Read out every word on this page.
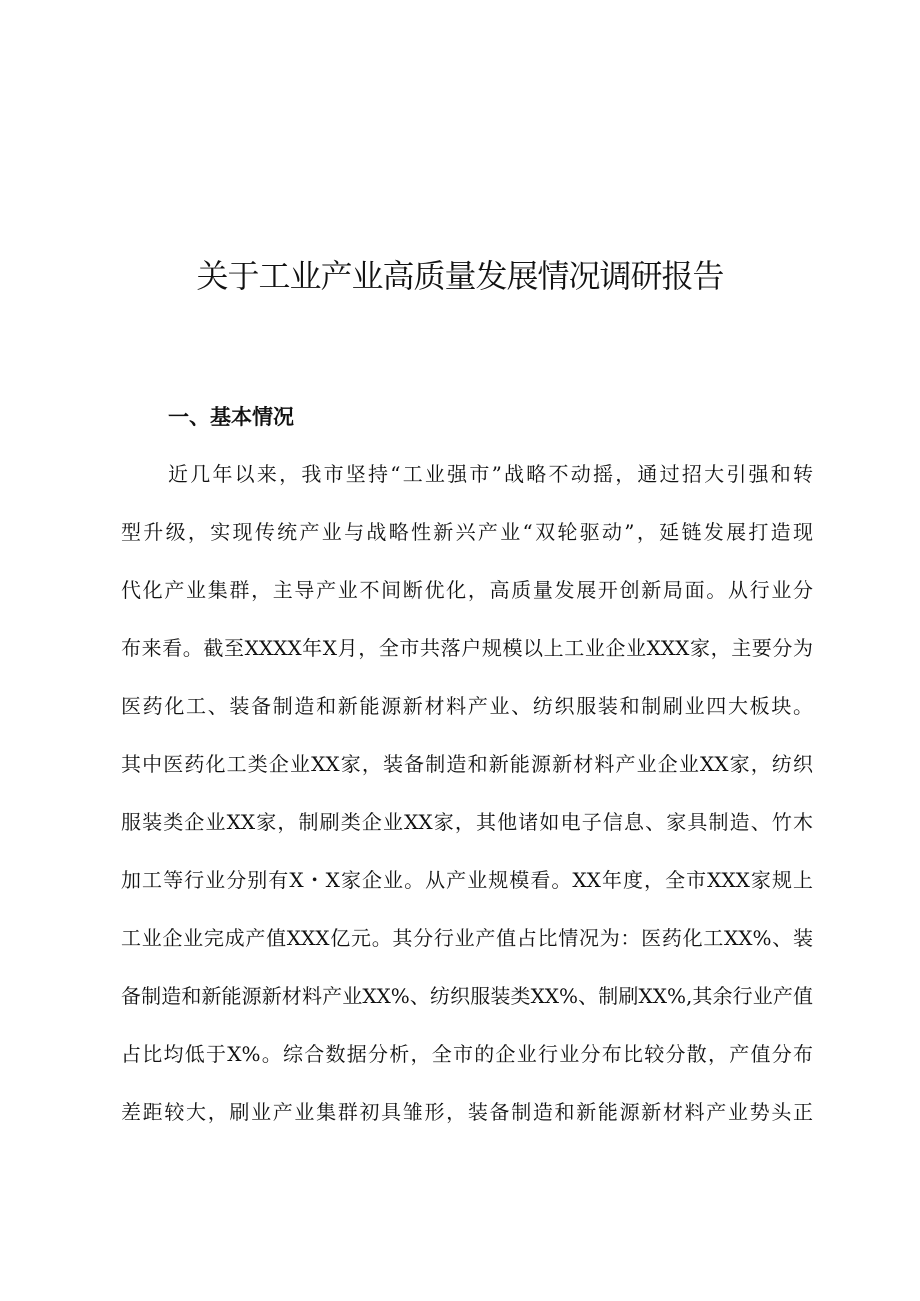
关于工业产业高质量发展情况调研报告
一、基本情况
近几年以来，我市坚持“工业强市”战略不动摇，通过招大引强和转
型升级，实现传统产业与战略性新兴产业“双轮驱动”，延链发展打造现
代化产业集群，主导产业不间断优化，高质量发展开创新局面。从行业分
布来看。截至XXXX年X月，全市共落户规模以上工业企业XXX家，主要分为
医药化工、装备制造和新能源新材料产业、纺织服装和制刷业四大板块。
其中医药化工类企业XX家，装备制造和新能源新材料产业企业XX家，纺织
服装类企业XX家，制刷类企业XX家，其他诸如电子信息、家具制造、竹木
加工等行业分别有X・X家企业。从产业规模看。XX年度，全市XXX家规上
工业企业完成产值XXX亿元。其分行业产值占比情况为：医药化工XX%、装
备制造和新能源新材料产业XX%、纺织服装类XX%、制刷XX%,其余行业产值
占比均低于X%。综合数据分析，全市的企业行业分布比较分散，产值分布
差距较大，刷业产业集群初具雏形，装备制造和新能源新材料产业势头正
